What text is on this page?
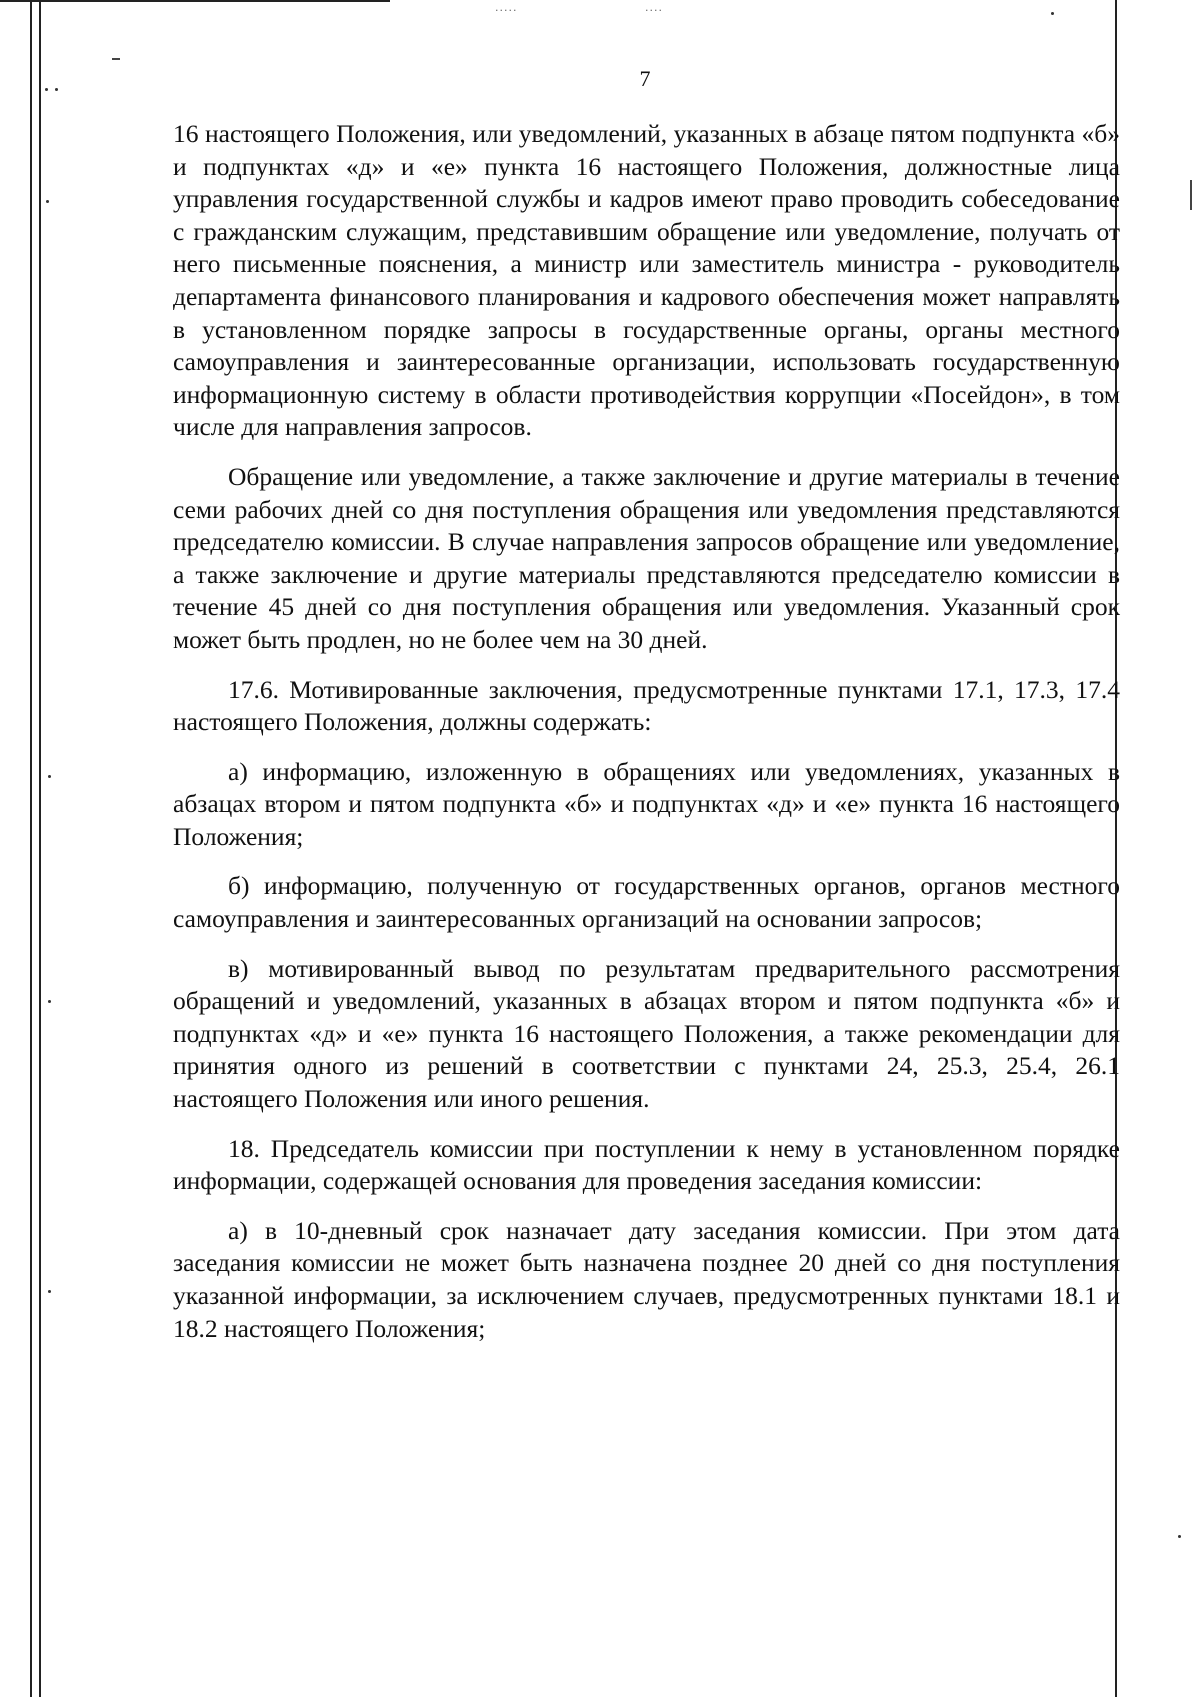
·····	····
7

16 настоящего Положения, или уведомлений, указанных в абзаце пятом подпункта «б» и подпунктах «д» и «е» пункта 16 настоящего Положения, должностные лица управления государственной службы и кадров имеют право проводить собеседование с гражданским служащим, представившим обращение или уведомление, получать от него письменные пояснения, а министр или заместитель министра - руководитель департамента финансового планирования и кадрового обеспечения может направлять в установленном порядке запросы в государственные органы, органы местного самоуправления и заинтересованные организации, использовать государственную информационную систему в области противодействия коррупции «Посейдон», в том числе для направления запросов.

Обращение или уведомление, а также заключение и другие материалы в течение семи рабочих дней со дня поступления обращения или уведомления представляются председателю комиссии. В случае направления запросов обращение или уведомление, а также заключение и другие материалы представляются председателю комиссии в течение 45 дней со дня поступления обращения или уведомления. Указанный срок может быть продлен, но не более чем на 30 дней.

17.6. Мотивированные заключения, предусмотренные пунктами 17.1, 17.3, 17.4 настоящего Положения, должны содержать:

а) информацию, изложенную в обращениях или уведомлениях, указанных в абзацах втором и пятом подпункта «б» и подпунктах «д» и «е» пункта 16 настоящего Положения;

б) информацию, полученную от государственных органов, органов местного самоуправления и заинтересованных организаций на основании запросов;

в) мотивированный вывод по результатам предварительного рассмотрения обращений и уведомлений, указанных в абзацах втором и пятом подпункта «б» и подпунктах «д» и «е» пункта 16 настоящего Положения, а также рекомендации для принятия одного из решений в соответствии с пунктами 24, 25.3, 25.4, 26.1 настоящего Положения или иного решения.

18. Председатель комиссии при поступлении к нему в установленном порядке информации, содержащей основания для проведения заседания комиссии:

а) в 10-дневный срок назначает дату заседания комиссии. При этом дата заседания комиссии не может быть назначена позднее 20 дней со дня поступления указанной информации, за исключением случаев, предусмотренных пунктами 18.1 и 18.2 настоящего Положения;
